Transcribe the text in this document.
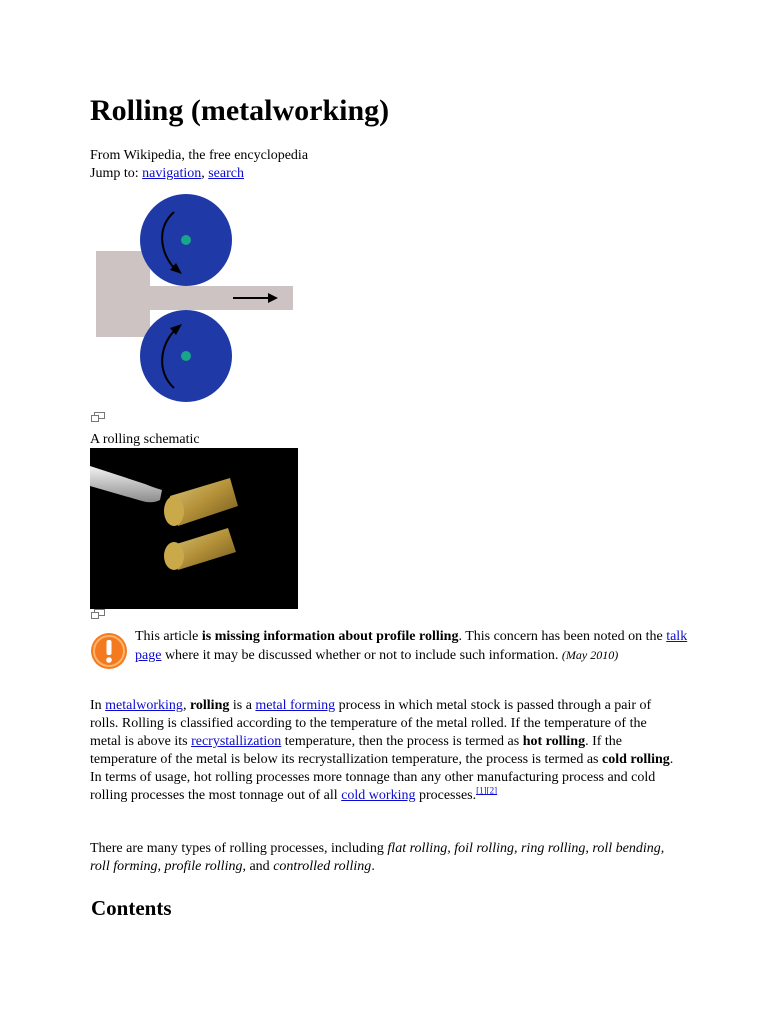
Rolling (metalworking)
From Wikipedia, the free encyclopedia
Jump to: navigation, search
A rolling schematic
This article is missing information about profile rolling. This concern has been noted on the talk page where it may be discussed whether or not to include such information. (May 2010)
In metalworking, rolling is a metal forming process in which metal stock is passed through a pair of rolls. Rolling is classified according to the temperature of the metal rolled. If the temperature of the metal is above its recrystallization temperature, then the process is termed as hot rolling. If the temperature of the metal is below its recrystallization temperature, the process is termed as cold rolling. In terms of usage, hot rolling processes more tonnage than any other manufacturing process and cold rolling processes the most tonnage out of all cold working processes.[1][2]
There are many types of rolling processes, including flat rolling, foil rolling, ring rolling, roll bending, roll forming, profile rolling, and controlled rolling.
Contents
